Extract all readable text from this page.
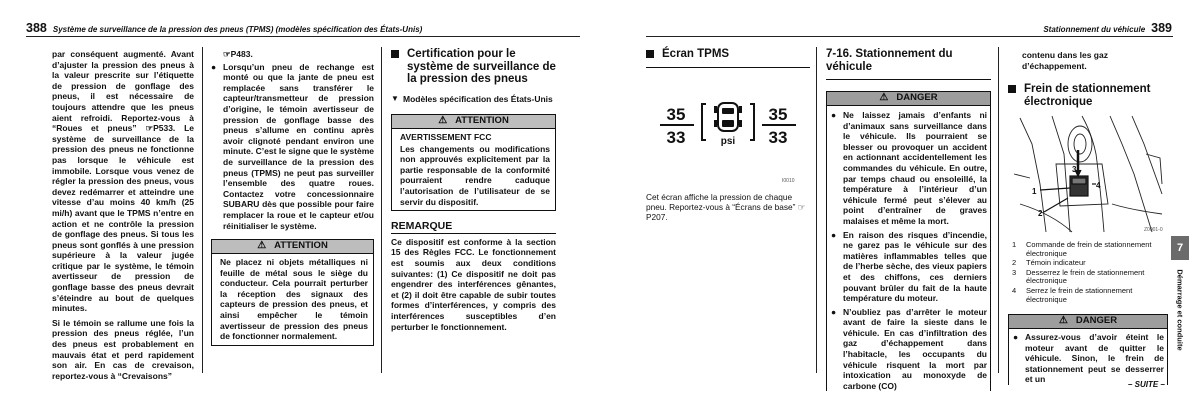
388 Système de surveillance de la pression des pneus (TPMS) (modèles spécification des États-Unis)	Stationnement du véhicule 389

par conséquent augmenté. Avant d’ajuster la pression des pneus à la valeur prescrite sur l’étiquette de pression de gonflage des pneus, il est nécessaire de toujours attendre que les pneus aient refroidi. Reportez-vous à “Roues et pneus” ☞P533. Le système de surveillance de la pression des pneus ne fonctionne pas lorsque le véhicule est immobile. Lorsque vous venez de régler la pression des pneus, vous devez redémarrer et atteindre une vitesse d’au moins 40 km/h (25 mi/h) avant que le TPMS n’entre en action et ne contrôle la pression de gonflage des pneus. Si tous les pneus sont gonflés à une pression supérieure à la valeur jugée critique par le système, le témoin avertisseur de pression de gonflage basse des pneus devrait s’éteindre au bout de quelques minutes.

Si le témoin se rallume une fois la pression des pneus réglée, l’un des pneus est probablement en mauvais état et perd rapidement son air. En cas de crevaison, reportez-vous à “Crevaisons”

☞P483.

● Lorsqu’un pneu de rechange est monté ou que la jante de pneu est remplacée sans transférer le capteur/transmetteur de pression d’origine, le témoin avertisseur de pression de gonflage basse des pneus s’allume en continu après avoir clignoté pendant environ une minute. C’est le signe que le système de surveillance de la pression des pneus (TPMS) ne peut pas surveiller l’ensemble des quatre roues. Contactez votre concessionnaire SUBARU dès que possible pour faire remplacer la roue et le capteur et/ou réinitialiser le système.
⚠ ATTENTION
Ne placez ni objets métalliques ni feuille de métal sous le siège du conducteur. Cela pourrait perturber la réception des signaux des capteurs de pression des pneus, et ainsi empêcher le témoin avertisseur de pression des pneus de fonctionner normalement.
Certification pour le système de surveillance de la pression des pneus
▼ Modèles spécification des États-Unis
⚠ ATTENTION
AVERTISSEMENT FCC
Les changements ou modifications non approuvés explicitement par la partie responsable de la conformité pourraient rendre caduque l’autorisation de l’utilisateur de se servir du dispositif.
REMARQUE

Ce dispositif est conforme à la section 15 des Règles FCC. Le fonctionnement est soumis aux deux conditions suivantes: (1) Ce dispositif ne doit pas engendrer des interférences gênantes, et (2) il doit être capable de subir toutes formes d’interférences, y compris des interférences susceptibles d’en perturber le fonctionnement.

Écran TPMS
35	35
33	33
psi
I0010

Cet écran affiche la pression de chaque pneu. Reportez-vous à “Écrans de base” ☞P207.

7-16. Stationnement du véhicule
⚠ DANGER
● Ne laissez jamais d’enfants ni d’animaux sans surveillance dans le véhicule. Ils pourraient se blesser ou provoquer un accident en actionnant accidentellement les commandes du véhicule. En outre, par temps chaud ou ensoleillé, la température à l’intérieur d’un véhicule fermé peut s’élever au point d’entraîner de graves malaises et même la mort.
● En raison des risques d’incendie, ne garez pas le véhicule sur des matières inflammables telles que de l’herbe sèche, des vieux papiers et des chiffons, ces derniers pouvant brûler du fait de la haute température du moteur.
● N’oubliez pas d’arrêter le moteur avant de faire la sieste dans le véhicule. En cas d’infiltration des gaz d’échappement dans l’habitacle, les occupants du véhicule risquent la mort par intoxication au monoxyde de carbone (CO)

contenu dans les gaz d’échappement.

Frein de stationnement électronique
3
1
2
4
Z0001-0
1	Commande de frein de stationnement électronique
2	Témoin indicateur
3	Desserrez le frein de stationnement électronique
4	Serrez le frein de stationnement électronique
⚠ DANGER
● Assurez-vous d’avoir éteint le moteur avant de quitter le véhicule. Sinon, le frein de stationnement peut se desserrer et un
– SUITE –
7
Démarrage et conduite
